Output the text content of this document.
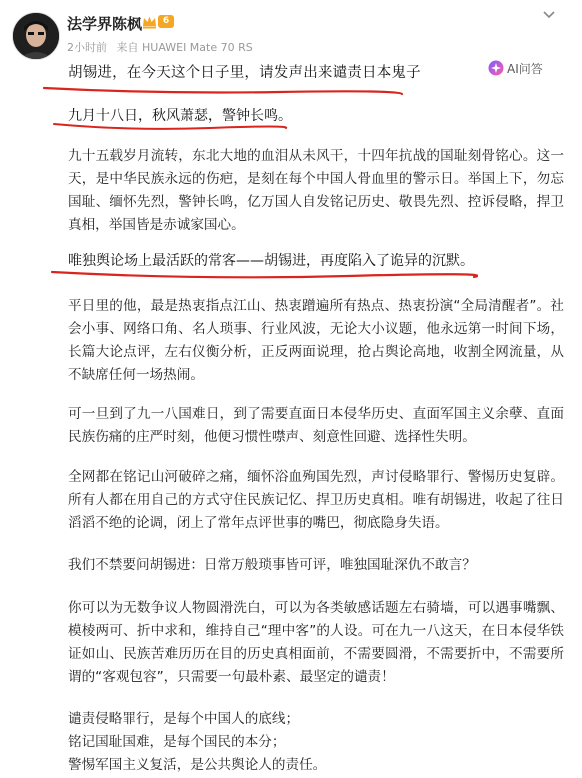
法学界陈枫	6
2小时前 来自 HUAWEI Mate 70 RS
胡锡进，在今天这个日子里，请发声出来谴责日本鬼子	AI问答
九月十八日，秋风萧瑟，警钟长鸣。
九十五载岁月流转，东北大地的血泪从未风干，十四年抗战的国耻刻骨铭心。这一天，是中华民族永远的伤疤，是刻在每个中国人骨血里的警示日。举国上下，勿忘国耻、缅怀先烈，警钟长鸣，亿万国人自发铭记历史、敬畏先烈、控诉侵略，捍卫真相，举国皆是赤诚家国心。
唯独舆论场上最活跃的常客——胡锡进，再度陷入了诡异的沉默。
平日里的他，最是热衷指点江山、热衷蹭遍所有热点、热衷扮演“全局清醒者”。社会小事、网络口角、名人琐事、行业风波，无论大小议题，他永远第一时间下场，长篇大论点评，左右仪衡分析，正反两面说理，抢占舆论高地，收割全网流量，从不缺席任何一场热闹。
可一旦到了九一八国难日，到了需要直面日本侵华历史、直面军国主义余孽、直面民族伤痛的庄严时刻，他便习惯性噤声、刻意性回避、选择性失明。
全网都在铭记山河破碎之痛，缅怀浴血殉国先烈，声讨侵略罪行、警惕历史复辟。所有人都在用自己的方式守住民族记忆、捍卫历史真相。唯有胡锡进，收起了往日滔滔不绝的论调，闭上了常年点评世事的嘴巴，彻底隐身失语。
我们不禁要问胡锡进：日常万般琐事皆可评，唯独国耻深仇不敢言？
你可以为无数争议人物圆滑洗白，可以为各类敏感话题左右骑墙，可以遇事嘴飘、模棱两可、折中求和，维持自己“理中客”的人设。可在九一八这天，在日本侵华铁证如山、民族苦难历历在目的历史真相面前，不需要圆滑，不需要折中，不需要所谓的“客观包容”，只需要一句最朴素、最坚定的谴责！
谴责侵略罪行，是每个中国人的底线；
铭记国耻国难，是每个国民的本分；
警惕军国主义复活，是公共舆论人的责任。
